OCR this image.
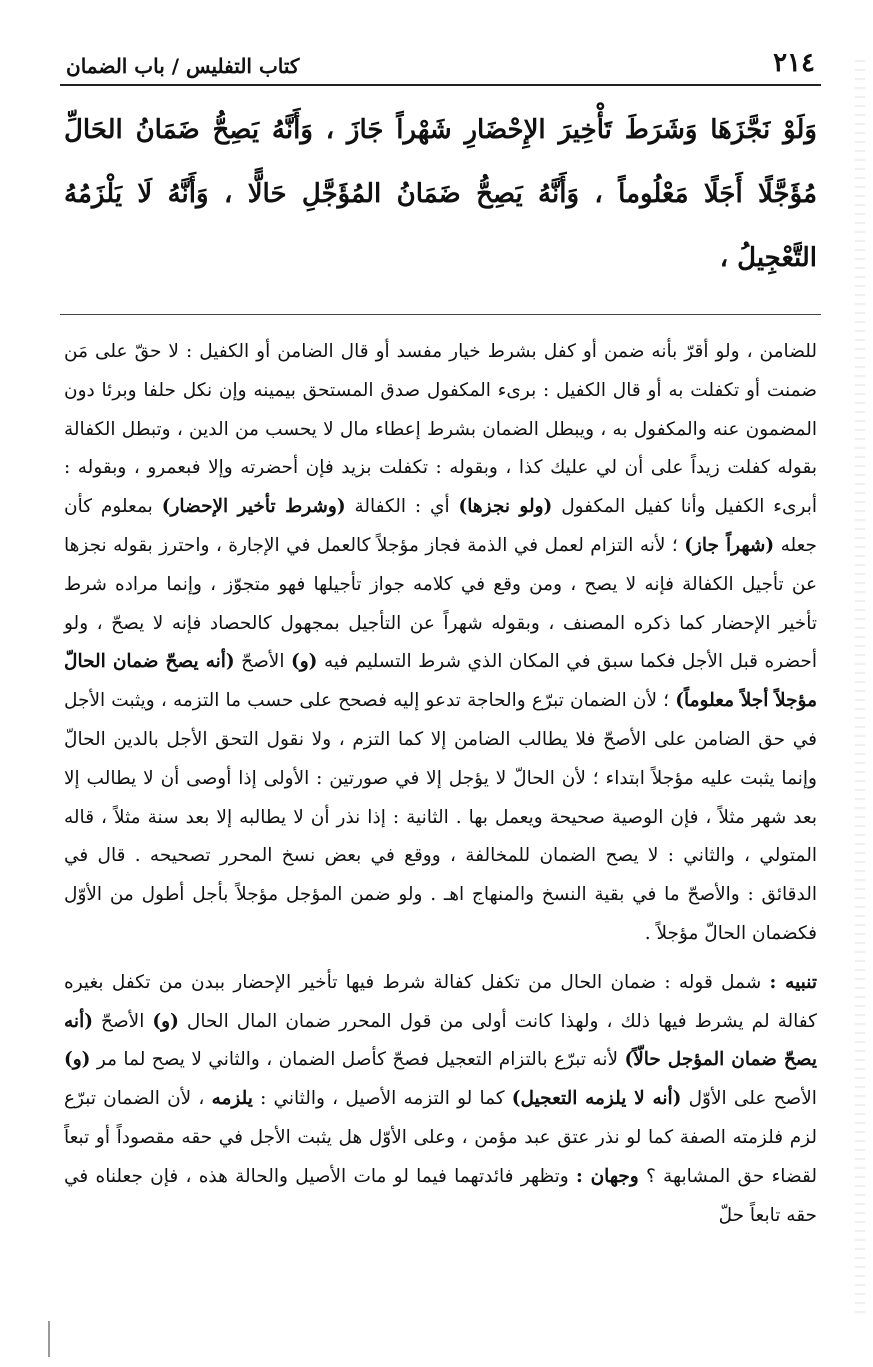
٢١٤
كتاب التفليس / باب الضمان
وَلَوْ نَجَّزَهَا وَشَرَطَ تَأْخِيرَ الإِحْضَارِ شَهْراً جَازَ ، وَأَنَّهُ يَصِحُّ ضَمَانُ الحَالِّ مُؤَجَّلًا أَجَلًا مَعْلُوماً ، وَأَنَّهُ يَصِحُّ ضَمَانُ المُؤَجَّلِ حَالًّا ، وَأَنَّهُ لَا يَلْزَمُهُ التَّعْجِيلُ ،
للضامن ، ولو أقرّ بأنه ضمن أو كفل بشرط خيار مفسد أو قال الضامن أو الكفيل : لا حقّ على مَن ضمنت أو تكفلت به أو قال الكفيل : برىء المكفول صدق المستحق بيمينه وإن نكل حلفا وبرئا دون المضمون عنه والمكفول به ، ويبطل الضمان بشرط إعطاء مال لا يحسب من الدين ، وتبطل الكفالة بقوله كفلت زيداً على أن لي عليك كذا ، وبقوله : تكفلت بزيد فإن أحضرته وإلا فبعمرو ، وبقوله : أبرىء الكفيل وأنا كفيل المكفول (ولو نجزها) أي : الكفالة (وشرط تأخير الإحضار) بمعلوم كأن جعله (شهراً جاز) ؛ لأنه التزام لعمل في الذمة فجاز مؤجلاً كالعمل في الإجارة ، واحترز بقوله نجزها عن تأجيل الكفالة فإنه لا يصح ، ومن وقع في كلامه جواز تأجيلها فهو متجوّز ، وإنما مراده شرط تأخير الإحضار كما ذكره المصنف ، وبقوله شهراً عن التأجيل بمجهول كالحصاد فإنه لا يصحّ ، ولو أحضره قبل الأجل فكما سبق في المكان الذي شرط التسليم فيه (و) الأصحّ (أنه يصحّ ضمان الحالّ مؤجلاً أجلاً معلوماً) ؛ لأن الضمان تبرّع والحاجة تدعو إليه فصحح على حسب ما التزمه ، ويثبت الأجل في حق الضامن على الأصحّ فلا يطالب الضامن إلا كما التزم ، ولا نقول التحق الأجل بالدين الحالّ وإنما يثبت عليه مؤجلاً ابتداء ؛ لأن الحالّ لا يؤجل إلا في صورتين : الأولى إذا أوصى أن لا يطالب إلا بعد شهر مثلاً ، فإن الوصية صحيحة ويعمل بها . الثانية : إذا نذر أن لا يطالبه إلا بعد سنة مثلاً ، قاله المتولي ، والثاني : لا يصح الضمان للمخالفة ، ووقع في بعض نسخ المحرر تصحيحه . قال في الدقائق : والأصحّ ما في بقية النسخ والمنهاج اهـ . ولو ضمن المؤجل مؤجلاً بأجل أطول من الأوّل فكضمان الحالّ مؤجلاً .
تنبيه : شمل قوله : ضمان الحال من تكفل كفالة شرط فيها تأخير الإحضار ببدن من تكفل بغيره كفالة لم يشرط فيها ذلك ، ولهذا كانت أولى من قول المحرر ضمان المال الحال (و) الأصحّ (أنه يصحّ ضمان المؤجل حالّاً) لأنه تبرّع بالتزام التعجيل فصحّ كأصل الضمان ، والثاني لا يصح لما مر (و) الأصح على الأوّل (أنه لا يلزمه التعجيل) كما لو التزمه الأصيل ، والثاني : يلزمه ، لأن الضمان تبرّع لزم فلزمته الصفة كما لو نذر عتق عبد مؤمن ، وعلى الأوّل هل يثبت الأجل في حقه مقصوداً أو تبعاً لقضاء حق المشابهة ؟ وجهان : وتظهر فائدتهما فيما لو مات الأصيل والحالة هذه ، فإن جعلناه في حقه تابعاً حلّ
